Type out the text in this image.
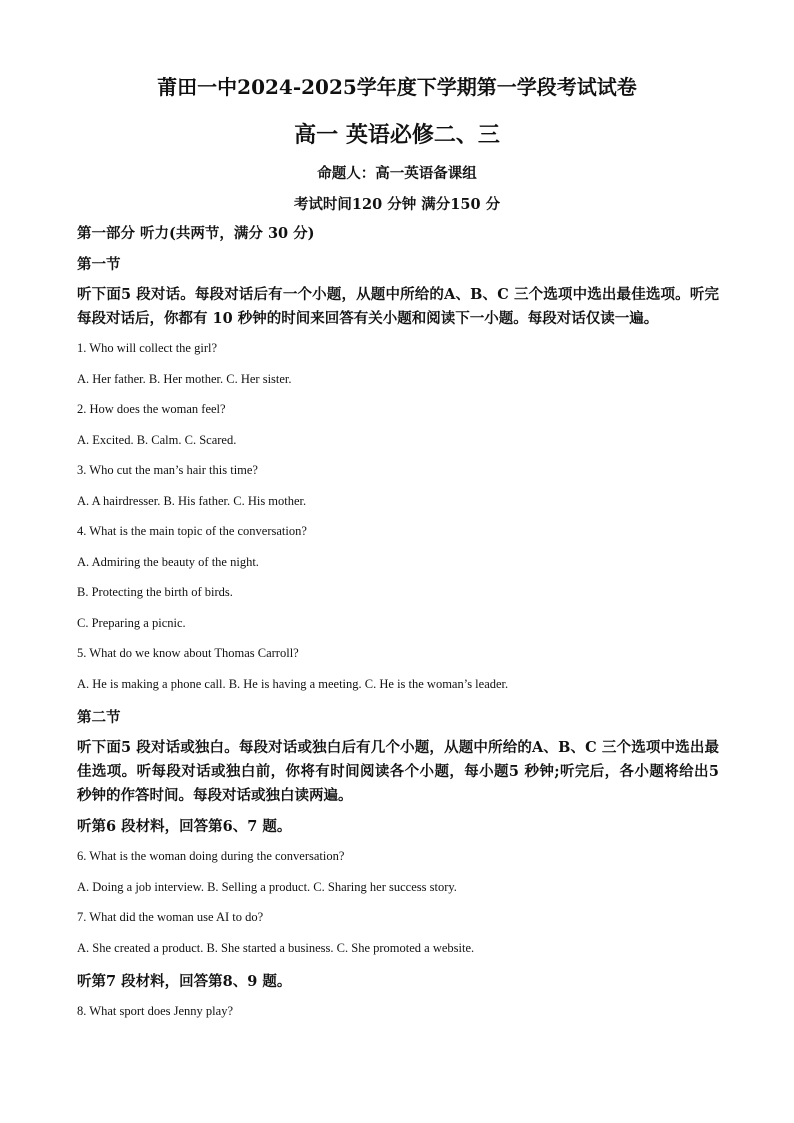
莆田一中2024-2025学年度下学期第一学段考试试卷
高一 英语必修二、三
命题人：高一英语备课组
考试时间120 分钟 满分150 分

第一部分 听力(共两节，满分 30 分)

第一节

听下面5 段对话。每段对话后有一个小题，从题中所给的A、B、C 三个选项中选出最佳选项。听完每段对话后，你都有 10 秒钟的时间来回答有关小题和阅读下一小题。每段对话仅读一遍。

1. Who will collect the girl?

A. Her father. B. Her mother. C. Her sister.

2. How does the woman feel?

A. Excited. B. Calm. C. Scared.

3. Who cut the man’s hair this time?

A. A hairdresser. B. His father. C. His mother.

4. What is the main topic of the conversation?

A. Admiring the beauty of the night.

B. Protecting the birth of birds.

C. Preparing a picnic.

5. What do we know about Thomas Carroll?

A. He is making a phone call. B. He is having a meeting. C. He is the woman’s leader.

第二节

听下面5 段对话或独白。每段对话或独白后有几个小题，从题中所给的A、B、C 三个选项中选出最佳选项。听每段对话或独白前，你将有时间阅读各个小题，每小题5 秒钟;听完后，各小题将给出5 秒钟的作答时间。每段对话或独白读两遍。

听第6 段材料，回答第6、7 题。

6. What is the woman doing during the conversation?

A. Doing a job interview. B. Selling a product. C. Sharing her success story.

7. What did the woman use AI to do?

A. She created a product. B. She started a business. C. She promoted a website.

听第7 段材料，回答第8、9 题。

8. What sport does Jenny play?
